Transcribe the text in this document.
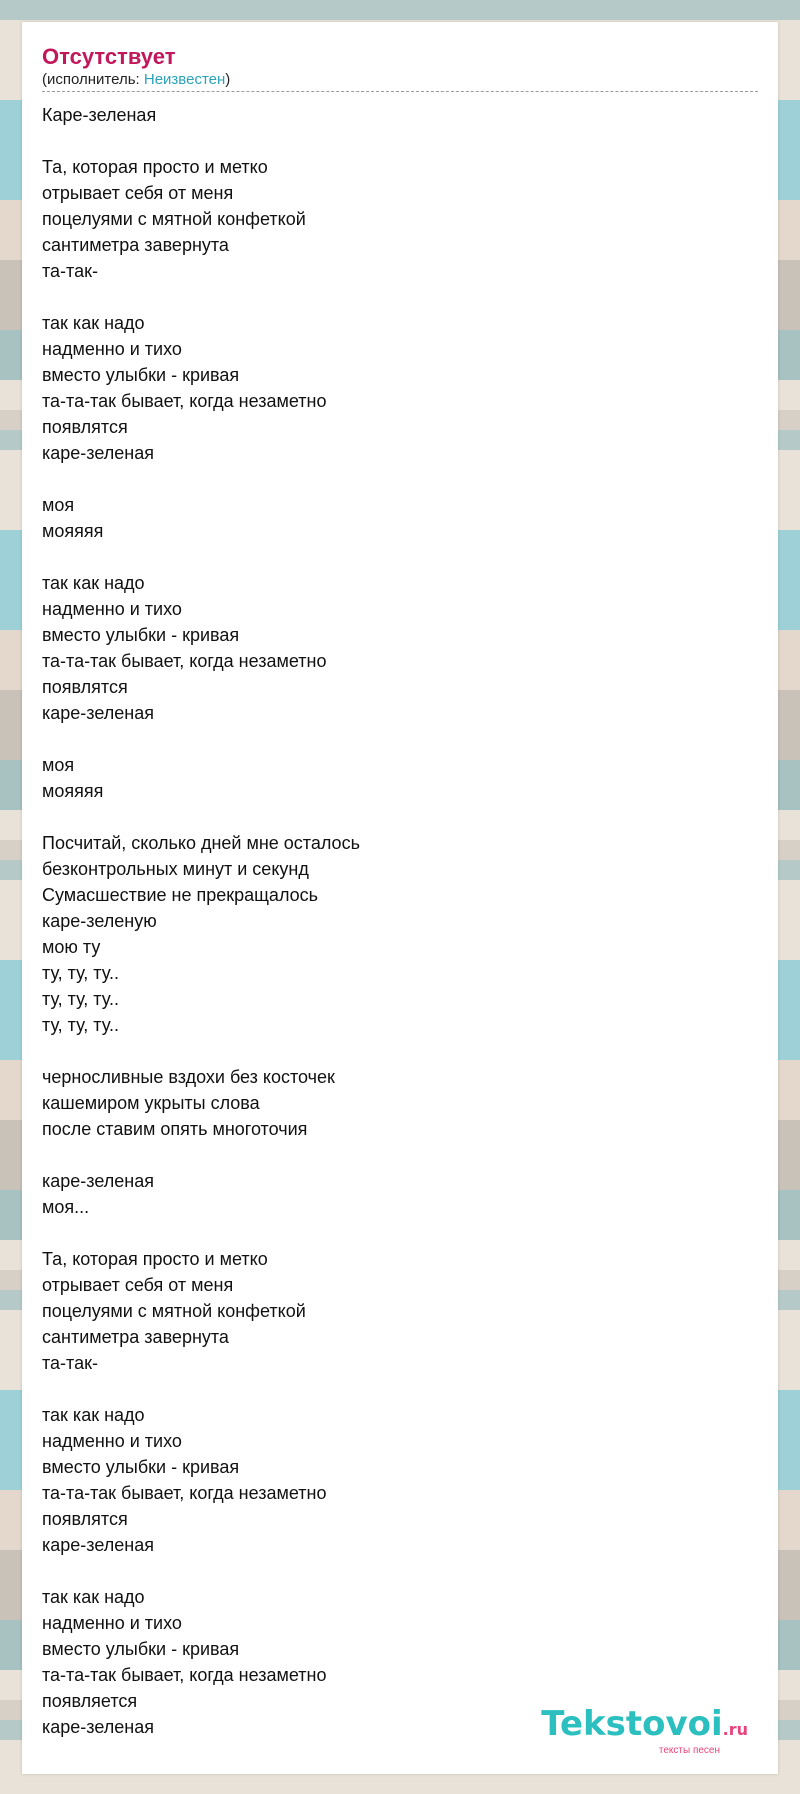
Отсутствует
(исполнитель: Неизвестен)
Каре-зеленая

Та, которая просто и метко
отрывает себя от меня
поцелуями с мятной конфеткой
сантиметра завернута
та-так-

так как надо
надменно и тихо
вместо улыбки - кривая
та-та-так бывает, когда незаметно
появлятся
каре-зеленая

моя
мояяяя

так как надо
надменно и тихо
вместо улыбки - кривая
та-та-так бывает, когда незаметно
появлятся
каре-зеленая

моя
мояяяя

Посчитай, сколько дней мне осталось
безконтрольных минут и секунд
Сумасшествие не прекращалось
каре-зеленую
мою ту
ту, ту, ту..
ту, ту, ту..
ту, ту, ту..

черносливные вздохи без косточек
кашемиром укрыты слова
после ставим опять многоточия

каре-зеленая
моя...

Та, которая просто и метко
отрывает себя от меня
поцелуями с мятной конфеткой
сантиметра завернута
та-так-

так как надо
надменно и тихо
вместо улыбки - кривая
та-та-так бывает, когда незаметно
появлятся
каре-зеленая

так как надо
надменно и тихо
вместо улыбки - кривая
та-та-так бывает, когда незаметно
появляется
каре-зеленая	Tekstovoi.ru
тексты песен
